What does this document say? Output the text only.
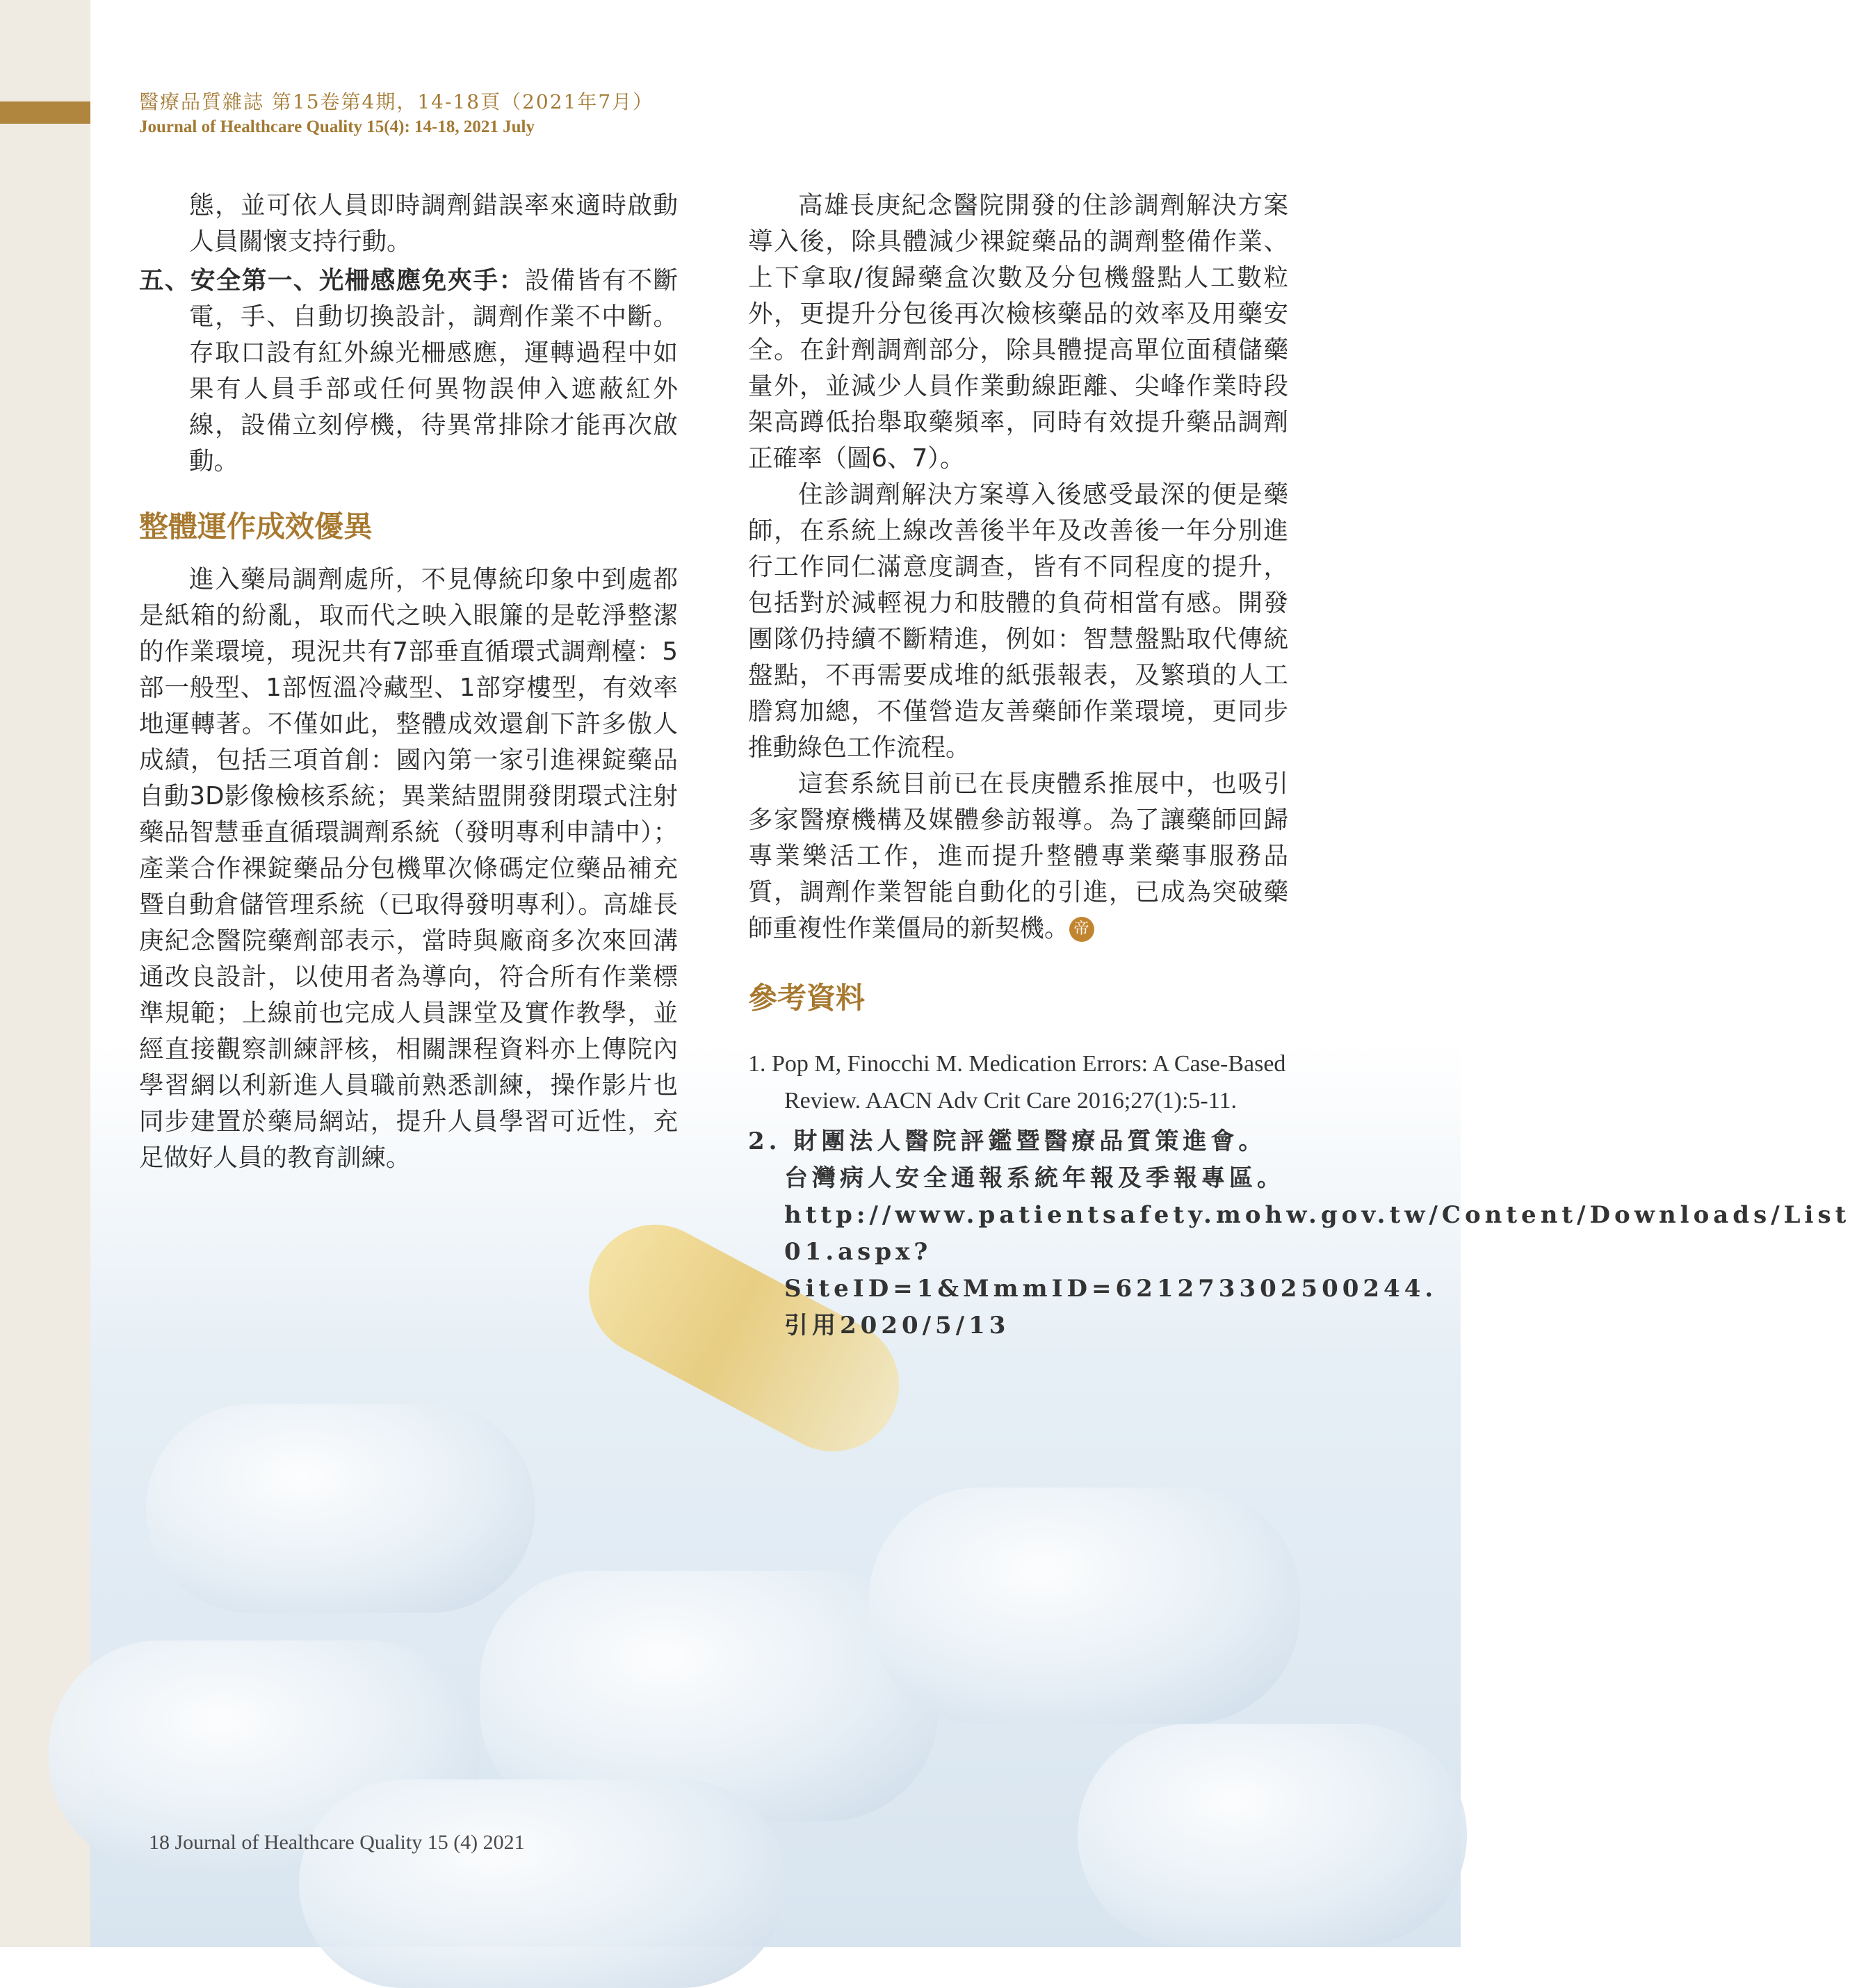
醫療品質雜誌 第15卷第4期，14-18頁（2021年7月）
Journal of Healthcare Quality 15(4): 14-18, 2021 July

態，並可依人員即時調劑錯誤率來適時啟動人員關懷支持行動。

五、安全第一、光柵感應免夾手：設備皆有不斷電，手、自動切換設計，調劑作業不中斷。存取口設有紅外線光柵感應，運轉過程中如果有人員手部或任何異物誤伸入遮蔽紅外線，設備立刻停機，待異常排除才能再次啟動。

整體運作成效優異

進入藥局調劑處所，不見傳統印象中到處都是紙箱的紛亂，取而代之映入眼簾的是乾淨整潔的作業環境，現況共有7部垂直循環式調劑檯：5部一般型、1部恆溫冷藏型、1部穿樓型，有效率地運轉著。不僅如此，整體成效還創下許多傲人成績，包括三項首創：國內第一家引進裸錠藥品自動3D影像檢核系統；異業結盟開發閉環式注射藥品智慧垂直循環調劑系統（發明專利申請中）；產業合作裸錠藥品分包機單次條碼定位藥品補充暨自動倉儲管理系統（已取得發明專利）。高雄長庚紀念醫院藥劑部表示，當時與廠商多次來回溝通改良設計，以使用者為導向，符合所有作業標準規範；上線前也完成人員課堂及實作教學，並經直接觀察訓練評核，相關課程資料亦上傳院內學習網以利新進人員職前熟悉訓練，操作影片也同步建置於藥局網站，提升人員學習可近性，充足做好人員的教育訓練。

高雄長庚紀念醫院開發的住診調劑解決方案導入後，除具體減少裸錠藥品的調劑整備作業、上下拿取/復歸藥盒次數及分包機盤點人工數粒外，更提升分包後再次檢核藥品的效率及用藥安全。在針劑調劑部分，除具體提高單位面積儲藥量外，並減少人員作業動線距離、尖峰作業時段架高蹲低抬舉取藥頻率，同時有效提升藥品調劑正確率（圖6、7）。

住診調劑解決方案導入後感受最深的便是藥師，在系統上線改善後半年及改善後一年分別進行工作同仁滿意度調查，皆有不同程度的提升，包括對於減輕視力和肢體的負荷相當有感。開發團隊仍持續不斷精進，例如：智慧盤點取代傳統盤點，不再需要成堆的紙張報表，及繁瑣的人工謄寫加總，不僅營造友善藥師作業環境，更同步推動綠色工作流程。

這套系統目前已在長庚體系推展中，也吸引多家醫療機構及媒體參訪報導。為了讓藥師回歸專業樂活工作，進而提升整體專業藥事服務品質，調劑作業智能自動化的引進，已成為突破藥師重複性作業僵局的新契機。 帝

參考資料

1. Pop M, Finocchi M. Medication Errors: A Case-Based Review. AACN Adv Crit Care 2016;27(1):5-11.

2. 財團法人醫院評鑑暨醫療品質策進會。台灣病人安全通報系統年報及季報專區。http://www.patientsafety.mohw.gov.tw/Content/Downloads/List 01.aspx?SiteID=1&MmmID=621273302500244. 引用2020/5/13

18 Journal of Healthcare Quality 15 (4) 2021
